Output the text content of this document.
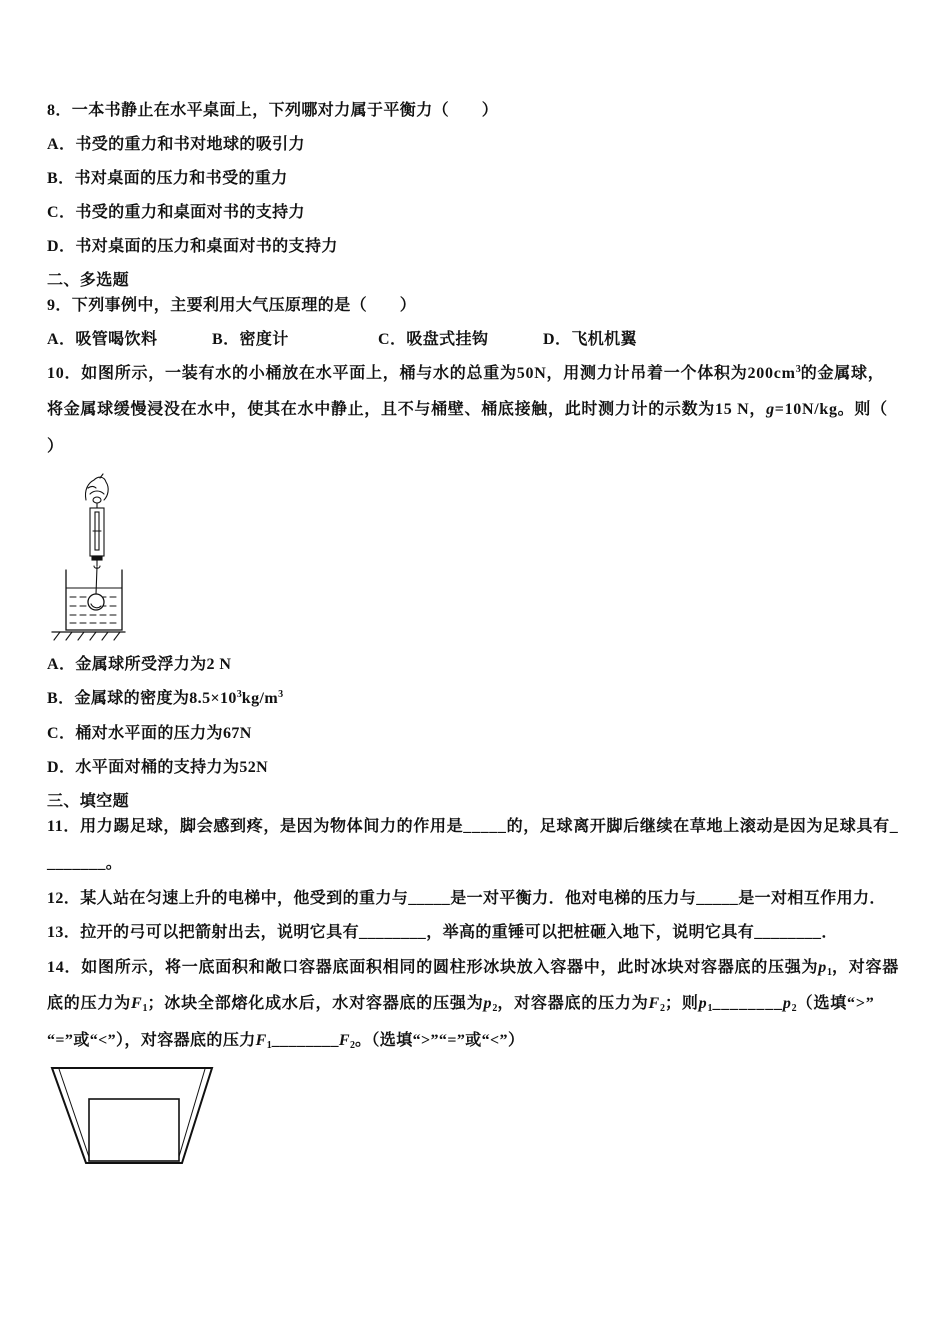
8．一本书静止在水平桌面上，下列哪对力属于平衡力（　　）
A．书受的重力和书对地球的吸引力
B．书对桌面的压力和书受的重力
C．书受的重力和桌面对书的支持力
D．书对桌面的压力和桌面对书的支持力
二、多选题
9．下列事例中，主要利用大气压原理的是（　　）
A．吸管喝饮料	B．密度计	C．吸盘式挂钩	D．飞机机翼
10．如图所示，一装有水的小桶放在水平面上，桶与水的总重为50N，用测力计吊着一个体积为$200cm^3$的金属球，
将金属球缓慢浸没在水中，使其在水中静止，且不与桶壁、桶底接触，此时测力计的示数为15 N，g=10N/kg。则（
）
A．金属球所受浮力为2 N
B．金属球的密度为$8.5\times 10^3kg/m^3$
C．桶对水平面的压力为67N
D．水平面对桶的支持力为52N
三、填空题
11．用力踢足球，脚会感到疼，是因为物体间力的作用是_____的，足球离开脚后继续在草地上滚动是因为足球具有_
_______。
12．某人站在匀速上升的电梯中，他受到的重力与_____是一对平衡力．他对电梯的压力与_____是一对相互作用力．
13．拉开的弓可以把箭射出去，说明它具有________，举高的重锤可以把桩砸入地下，说明它具有________．
14．如图所示，将一底面积和敞口容器底面积相同的圆柱形冰块放入容器中，此时冰块对容器底的压强为$p_1$，对容器
底的压力为$F_1$；冰块全部熔化成水后，水对容器底的压强为$p_2$，对容器底的压力为$F_2$；则$p_1\_\_\_\_\_\_\_\_p_2$（选填“>”
“=”或“<”），对容器底的压力$F_1\_\_\_\_\_\_\_\_F_2$。（选填“>”“=”或“<”）
